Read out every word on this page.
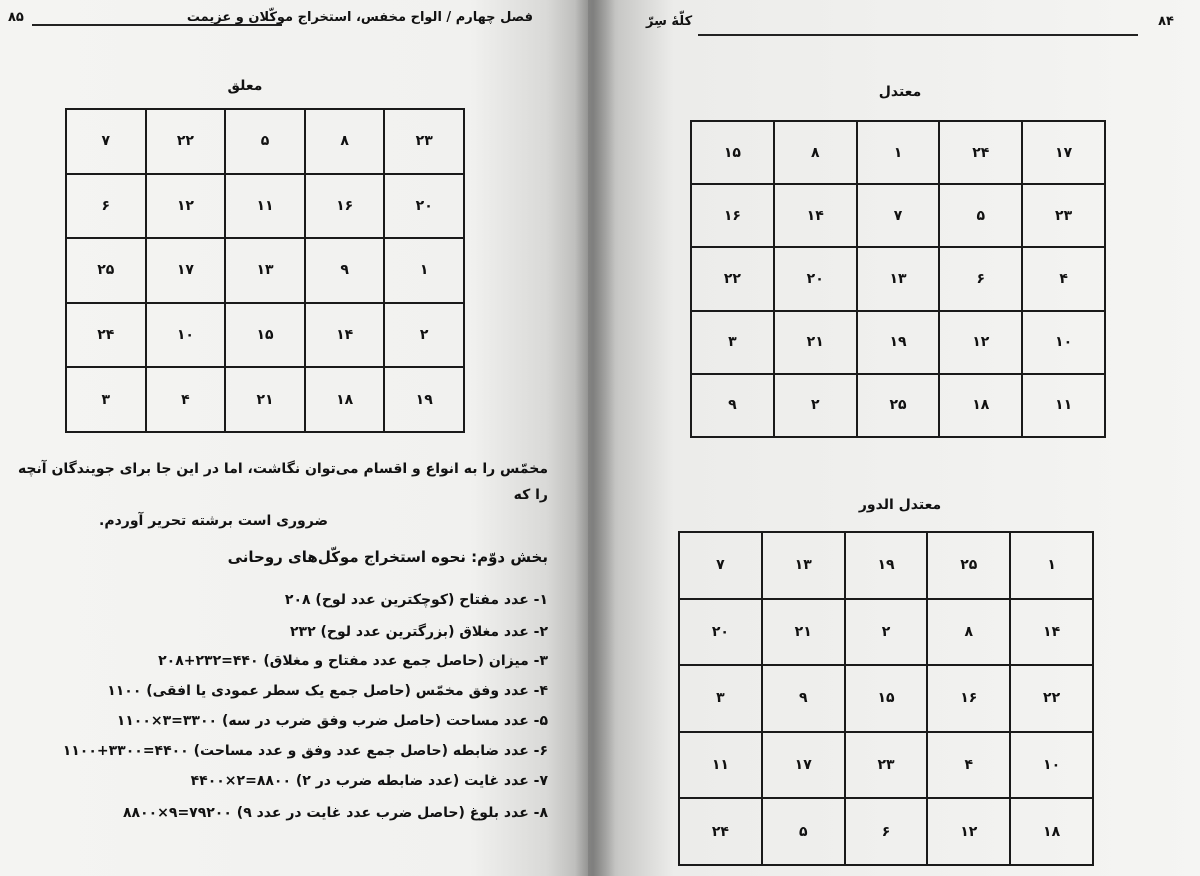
۸۵	فصل چهارم / الواح مخفس، استخراج موکّلان و عزیمت
معلق
۲۳	۸	۵	۲۲	۷
۲۰	۱۶	۱۱	۱۲	۶
۱	۹	۱۳	۱۷	۲۵
۲	۱۴	۱۵	۱۰	۲۴
۱۹	۱۸	۲۱	۴	۳
مخمّس را به انواع و اقسام می‌توان نگاشت، اما در این جا برای جویندگان آنچه را که
ضروری است برشته تحریر آوردم.
بخش دوّم: نحوه استخراج موکّل‌های روحانی
۱- عدد مفتاح (کوچکترین عدد لوح) ۲۰۸
۲- عدد مغلاق (بزرگترین عدد لوح) ۲۳۲
۳- میزان (حاصل جمع عدد مفتاح و مغلاق) ۴۴۰=۲۳۲+۲۰۸
۴- عدد وفق مخمّس (حاصل جمع یک سطر عمودی یا افقی) ۱۱۰۰
۵- عدد مساحت (حاصل ضرب وفق ضرب در سه) ۳۳۰۰=۳×۱۱۰۰
۶- عدد ضابطه (حاصل جمع عدد وفق و عدد مساحت) ۴۴۰۰=۳۳۰۰+۱۱۰۰
۷- عدد غایت (عدد ضابطه ضرب در ۲) ۸۸۰۰=۲×۴۴۰۰
۸- عدد بلوغ (حاصل ضرب عدد غایت در عدد ۹) ۷۹۲۰۰=۹×۸۸۰۰
کلّهٔ سِرّ	۸۴
معتدل
۱۷	۲۴	۱	۸	۱۵
۲۳	۵	۷	۱۴	۱۶
۴	۶	۱۳	۲۰	۲۲
۱۰	۱۲	۱۹	۲۱	۳
۱۱	۱۸	۲۵	۲	۹
معتدل الدور
۱	۲۵	۱۹	۱۳	۷
۱۴	۸	۲	۲۱	۲۰
۲۲	۱۶	۱۵	۹	۳
۱۰	۴	۲۳	۱۷	۱۱
۱۸	۱۲	۶	۵	۲۴
